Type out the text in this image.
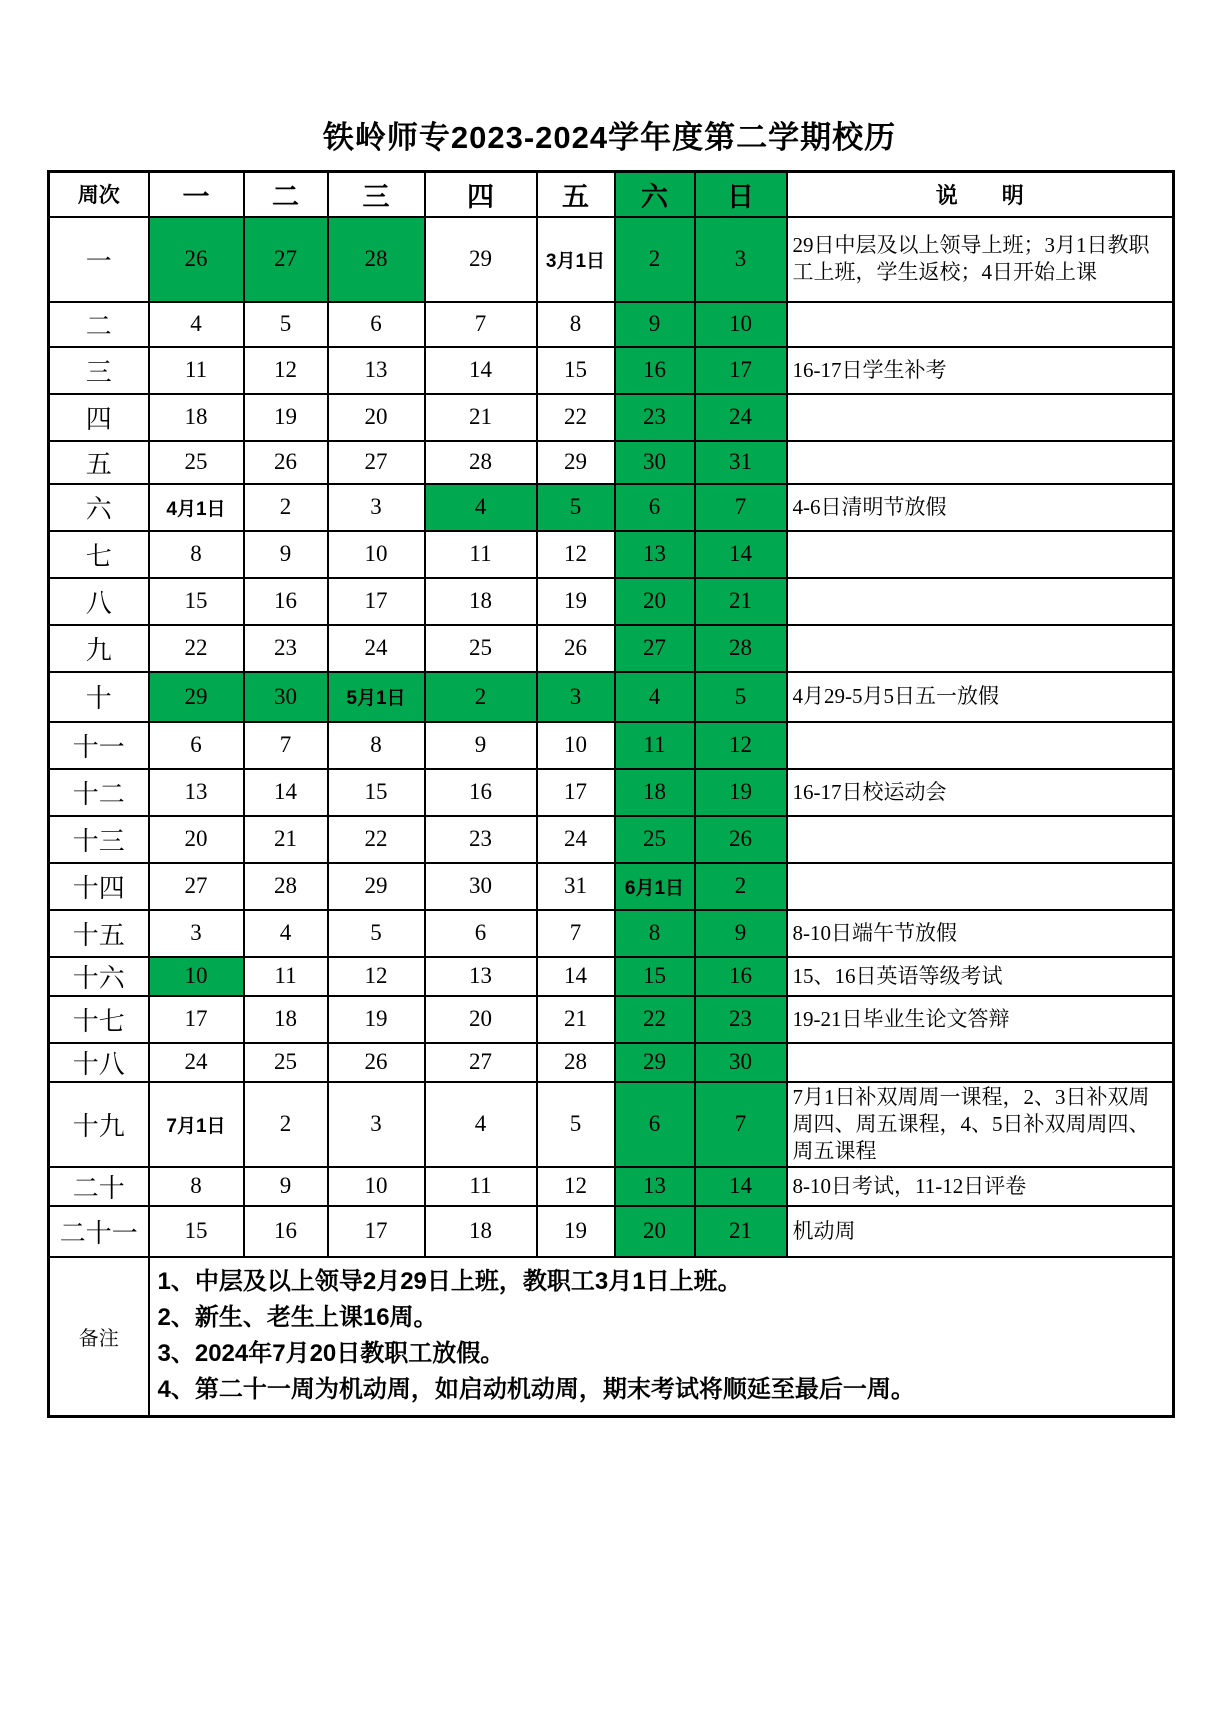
铁岭师专2023-2024学年度第二学期校历
周次	一	二	三	四	五	六	日	说　　明
一	26	27	28	29	3月1日	2	3	29日中层及以上领导上班；3月1日教职工上班，学生返校；4日开始上课
二	4	5	6	7	8	9	10	
三	11	12	13	14	15	16	17	16-17日学生补考
四	18	19	20	21	22	23	24	
五	25	26	27	28	29	30	31	
六	4月1日	2	3	4	5	6	7	4-6日清明节放假
七	8	9	10	11	12	13	14	
八	15	16	17	18	19	20	21	
九	22	23	24	25	26	27	28	
十	29	30	5月1日	2	3	4	5	4月29-5月5日五一放假
十一	6	7	8	9	10	11	12	
十二	13	14	15	16	17	18	19	16-17日校运动会
十三	20	21	22	23	24	25	26	
十四	27	28	29	30	31	6月1日	2	
十五	3	4	5	6	7	8	9	8-10日端午节放假
十六	10	11	12	13	14	15	16	15、16日英语等级考试
十七	17	18	19	20	21	22	23	19-21日毕业生论文答辩
十八	24	25	26	27	28	29	30	
十九	7月1日	2	3	4	5	6	7	7月1日补双周周一课程，2、3日补双周周四、周五课程，4、5日补双周周四、周五课程
二十	8	9	10	11	12	13	14	8-10日考试，11-12日评卷
二十一	15	16	17	18	19	20	21	机动周
备注	1、中层及以上领导2月29日上班，教职工3月1日上班。
2、新生、老生上课16周。
3、2024年7月20日教职工放假。
4、第二十一周为机动周，如启动机动周，期末考试将顺延至最后一周。							
